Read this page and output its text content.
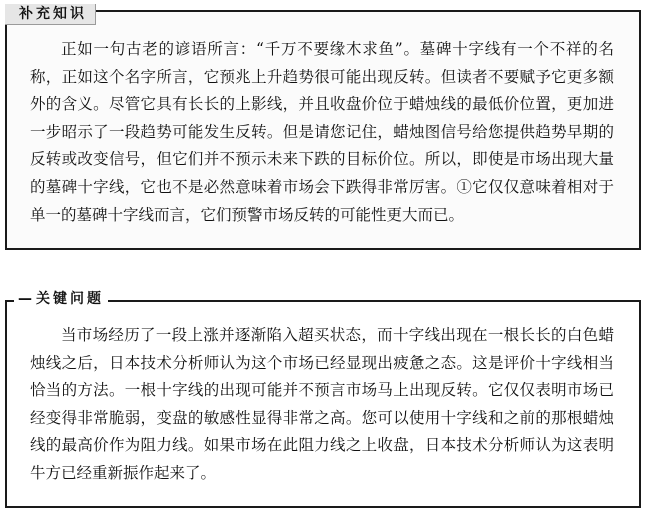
补充知识

正如一句古老的谚语所言：“千万不要缘木求鱼”。墓碑十字线有一个不祥的名称，正如这个名字所言，它预兆上升趋势很可能出现反转。但读者不要赋予它更多额外的含义。尽管它具有长长的上影线，并且收盘价位于蜡烛线的最低价位置，更加进一步昭示了一段趋势可能发生反转。但是请您记住，蜡烛图信号给您提供趋势早期的反转或改变信号，但它们并不预示未来下跌的目标价位。所以，即使是市场出现大量的墓碑十字线，它也不是必然意味着市场会下跌得非常厉害。①它仅仅意味着相对于单一的墓碑十字线而言，它们预警市场反转的可能性更大而已。

— 关键问题

当市场经历了一段上涨并逐渐陷入超买状态，而十字线出现在一根长长的白色蜡烛线之后，日本技术分析师认为这个市场已经显现出疲惫之态。这是评价十字线相当恰当的方法。一根十字线的出现可能并不预言市场马上出现反转。它仅仅表明市场已经变得非常脆弱，变盘的敏感性显得非常之高。您可以使用十字线和之前的那根蜡烛线的最高价作为阻力线。如果市场在此阻力线之上收盘，日本技术分析师认为这表明牛方已经重新振作起来了。
